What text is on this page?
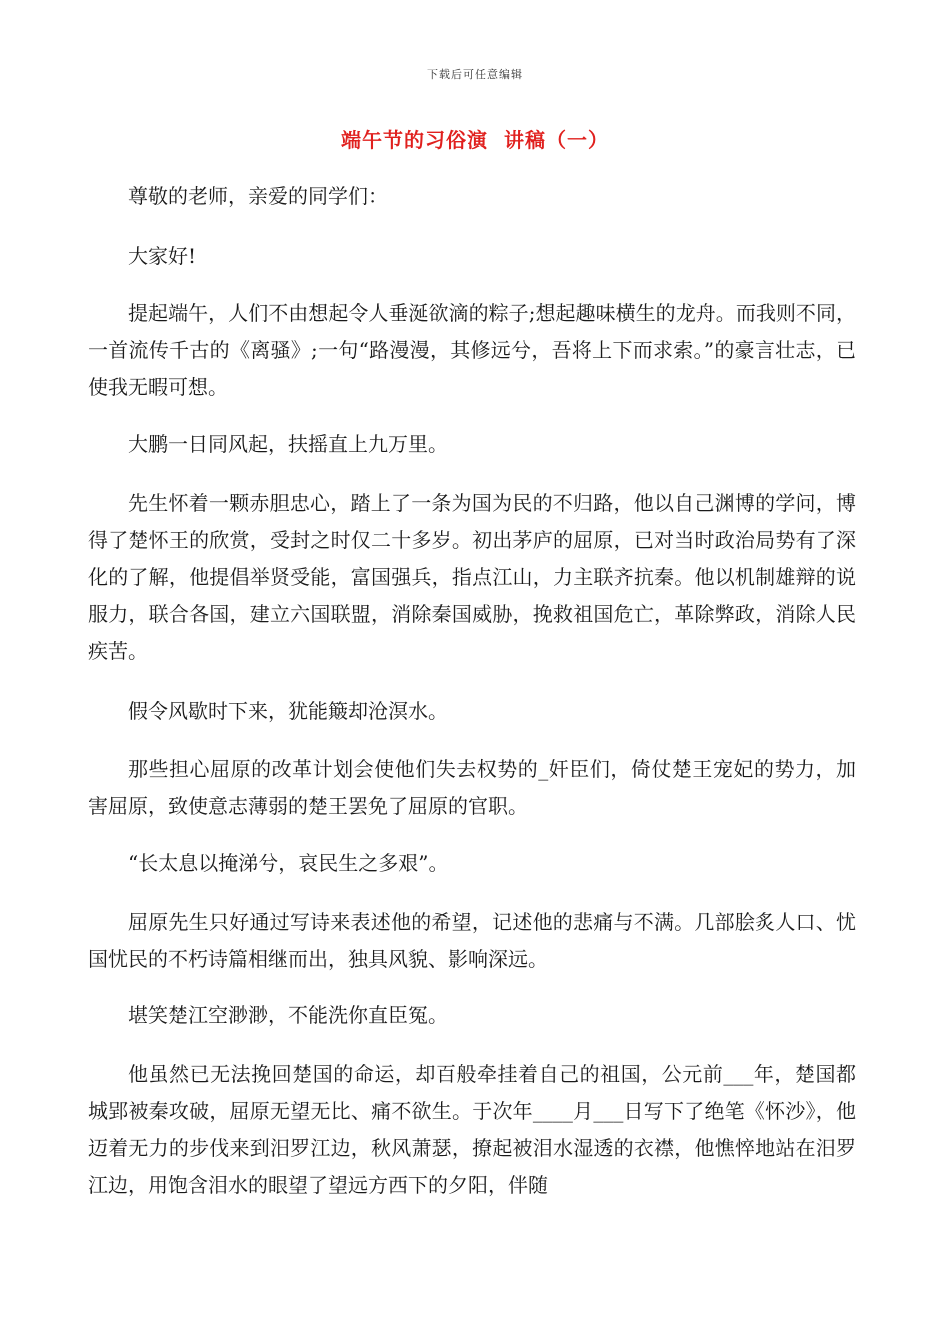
下载后可任意编辑
端午节的习俗演  讲稿（一）

尊敬的老师，亲爱的同学们：

大家好!

提起端午，人们不由想起令人垂涎欲滴的粽子;想起趣味横生的龙舟。而我则不同，一首流传千古的《离骚》;一句“路漫漫，其修远兮，吾将上下而求索。”的豪言壮志，已使我无暇可想。

大鹏一日同风起，扶摇直上九万里。

先生怀着一颗赤胆忠心，踏上了一条为国为民的不归路，他以自己渊博的学问，博得了楚怀王的欣赏，受封之时仅二十多岁。初出茅庐的屈原，已对当时政治局势有了深化的了解，他提倡举贤受能，富国强兵，指点江山，力主联齐抗秦。他以机制雄辩的说服力，联合各国，建立六国联盟，消除秦国威胁，挽救祖国危亡，革除弊政，消除人民疾苦。

假令风歇时下来，犹能簸却沧溟水。

那些担心屈原的改革计划会使他们失去权势的_奸臣们，倚仗楚王宠妃的势力，加害屈原，致使意志薄弱的楚王罢免了屈原的官职。

“长太息以掩涕兮，哀民生之多艰”。

屈原先生只好通过写诗来表述他的希望，记述他的悲痛与不满。几部脍炙人口、忧国忧民的不朽诗篇相继而出，独具风貌、影响深远。

堪笑楚江空渺渺，不能洗你直臣冤。

他虽然已无法挽回楚国的命运，却百般牵挂着自己的祖国，公元前___年，楚国都城郢被秦攻破，屈原无望无比、痛不欲生。于次年____月___日写下了绝笔《怀沙》，他迈着无力的步伐来到汨罗江边，秋风萧瑟，撩起被泪水湿透的衣襟，他憔悴地站在汨罗江边，用饱含泪水的眼望了望远方西下的夕阳，伴随
